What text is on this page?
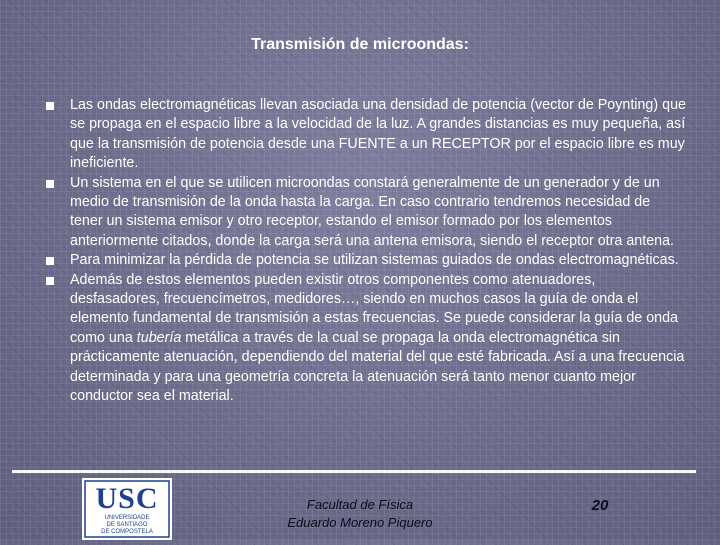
Transmisión de microondas:

Las ondas electromagnéticas llevan asociada una densidad de potencia (vector de Poynting) que se propaga en el espacio libre a la velocidad de la luz. A grandes distancias es muy pequeña, así que la transmisión de potencia desde una FUENTE a un RECEPTOR por el espacio libre es muy ineficiente.

Un sistema en el que se utilicen microondas constará generalmente de un generador y de un medio de transmisión de la onda hasta la carga. En caso contrario tendremos necesidad de tener un sistema emisor y otro receptor, estando el emisor formado por los elementos anteriormente citados, donde la carga será una antena emisora, siendo el receptor otra antena.

Para minimizar la pérdida de potencia se utilizan sistemas guiados de ondas electromagnéticas.

Además de estos elementos pueden existir otros componentes como atenuadores, desfasadores, frecuencímetros, medidores…, siendo en muchos casos la guía de onda el elemento fundamental de transmisión a estas frecuencias. Se puede considerar la guía de onda como una tubería metálica a través de la cual se propaga la onda electromagnética sin prácticamente atenuación, dependiendo del material del que esté fabricada. Así a una frecuencia determinada y para una geometría concreta la atenuación será tanto menor cuanto mejor conductor sea el material.

USC
UNIVERSIDADE
DE SANTIAGO
DE COMPOSTELA
Facultad de Física
Eduardo Moreno Piquero
20
